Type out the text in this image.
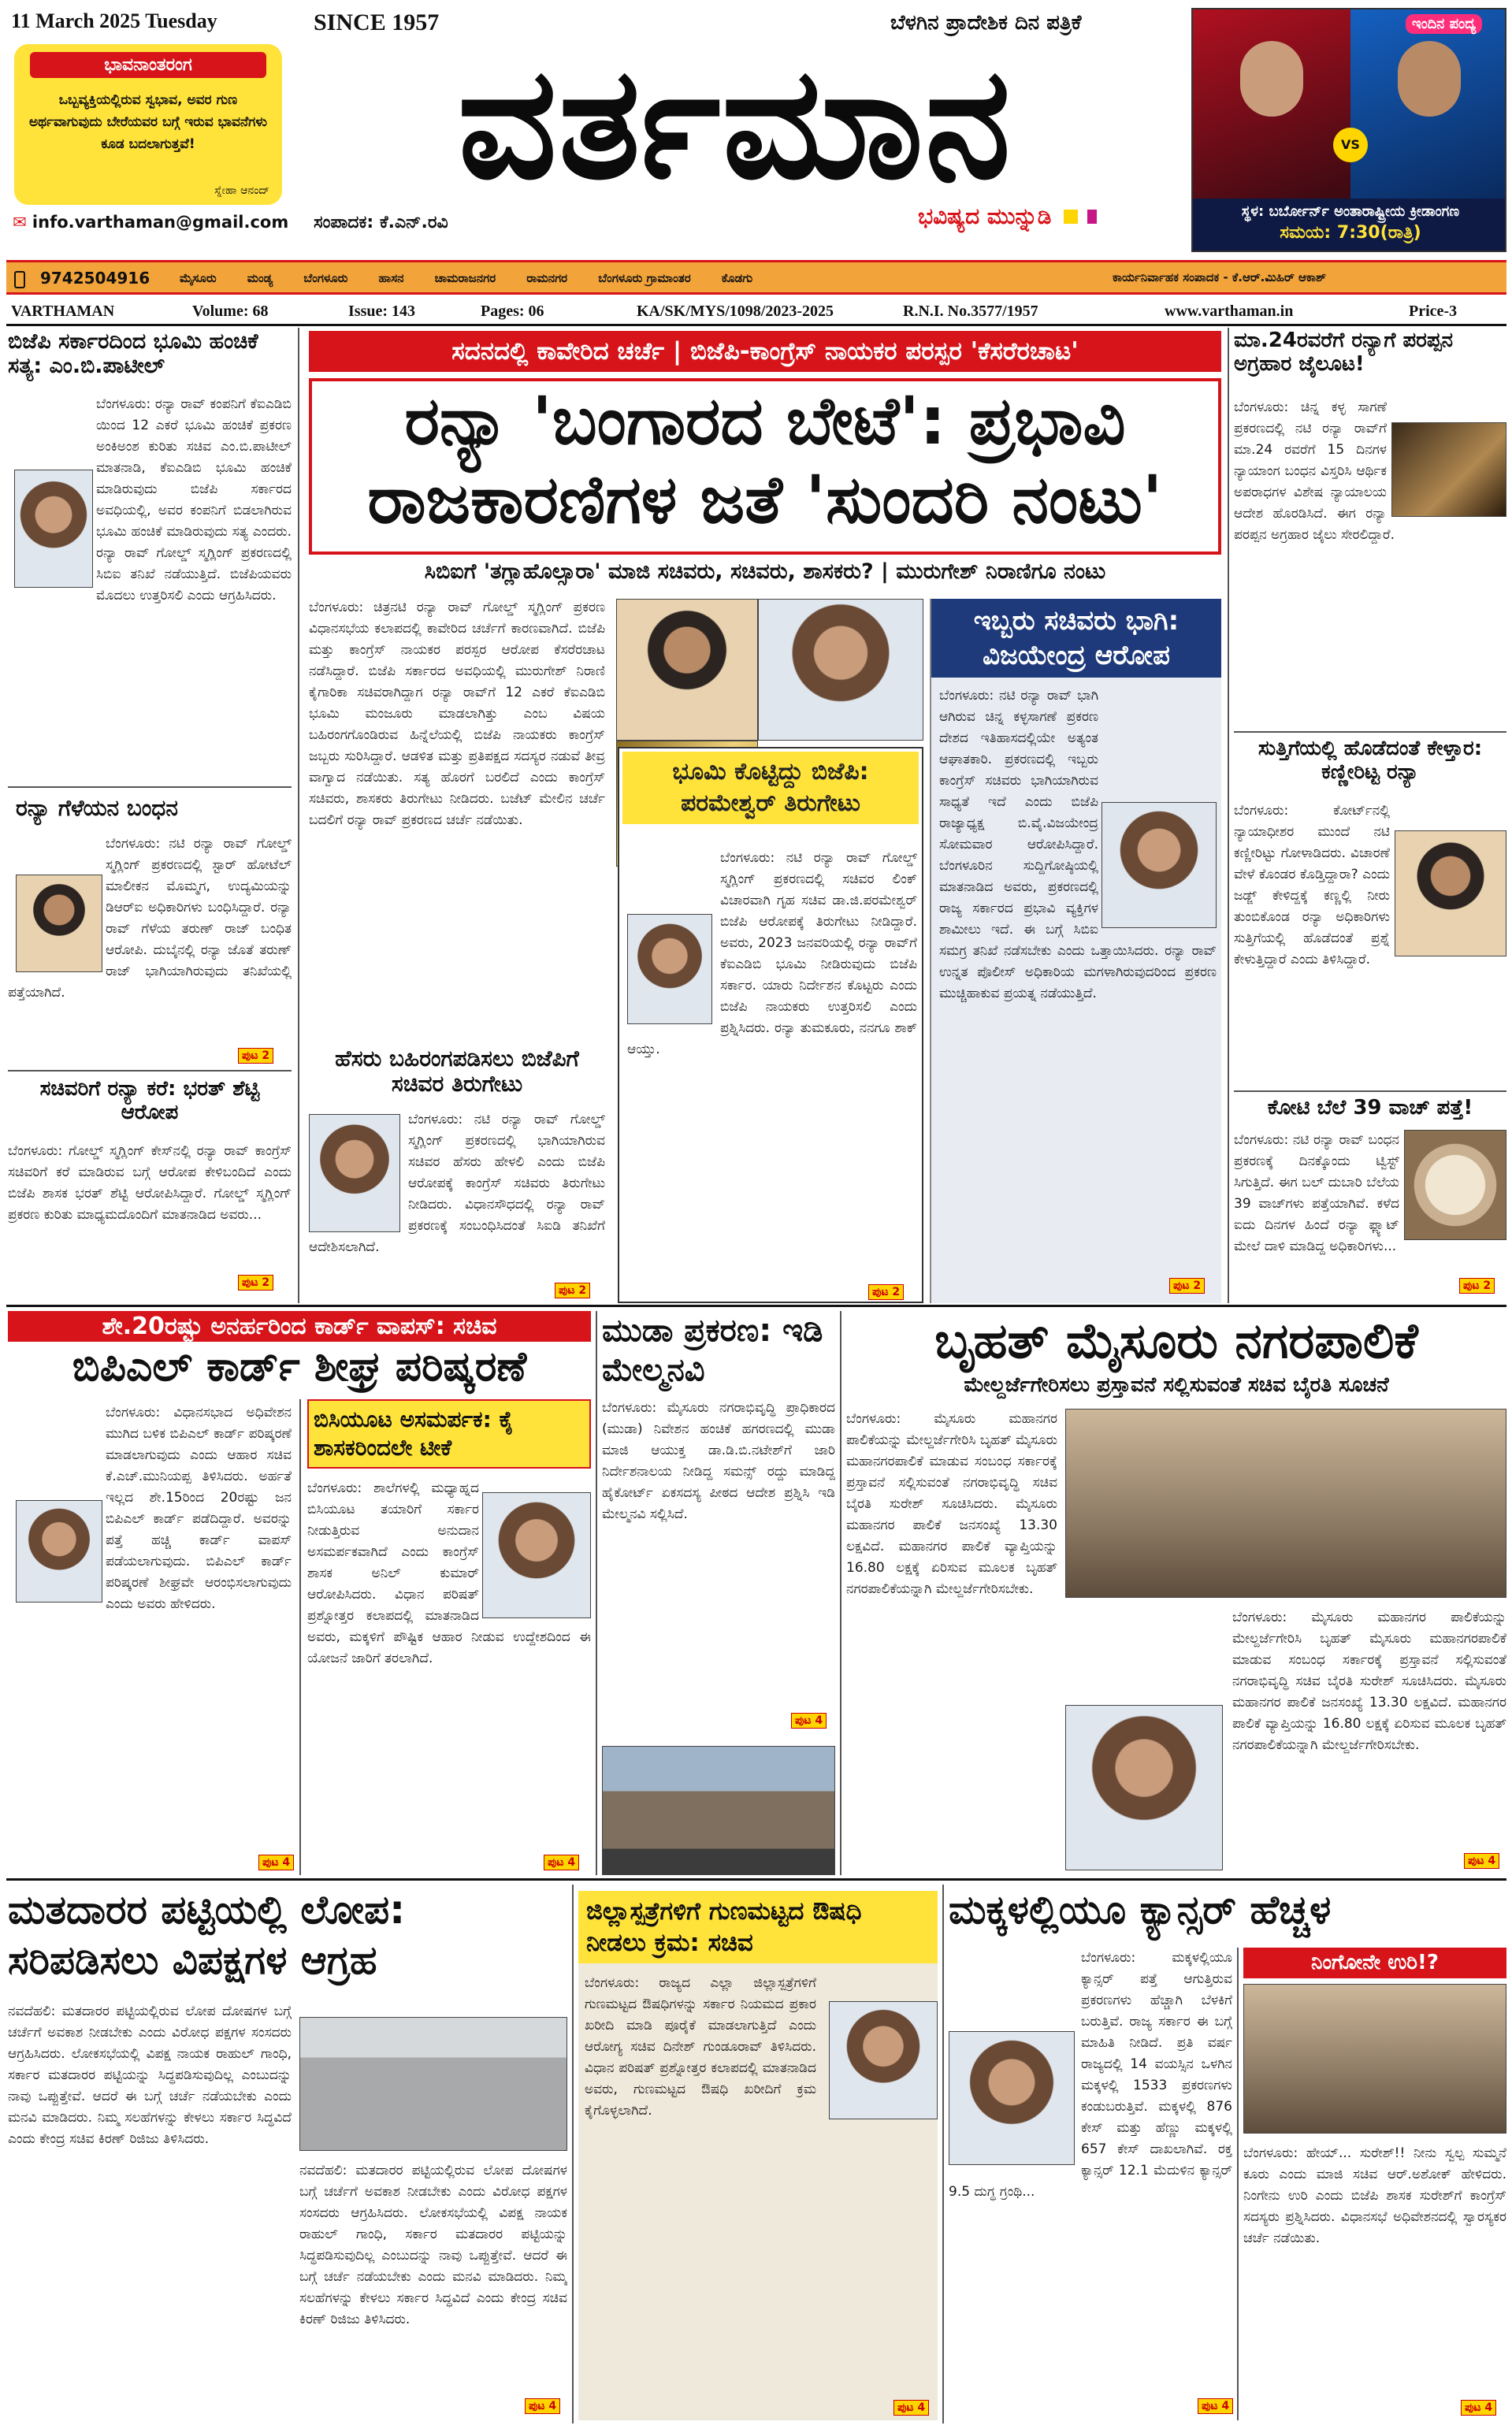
11 March 2025 Tuesday	SINCE 1957	ಬೆಳಗಿನ ಪ್ರಾದೇಶಿಕ ದಿನ ಪತ್ರಿಕೆ
ಭಾವನಾಂತರಂಗ
ಒಬ್ಬವ್ಯಕ್ತಿಯಲ್ಲಿರುವ ಸ್ವಭಾವ, ಅವರ ಗುಣ ಅರ್ಥವಾಗುವುದು ಬೇರೆಯವರ ಬಗ್ಗೆ ಇರುವ ಭಾವನೆಗಳು ಕೂಡ ಬದಲಾಗುತ್ತವೆ!
ಸ್ನೇಹಾ ಆನಂದ್
✉ info.varthaman@gmail.com
ವರ್ತಮಾನ
ಭವಿಷ್ಯದ ಮುನ್ನುಡಿ
ಸಂಪಾದಕ: ಕೆ.ಎನ್.ರವಿ
ಇಂದಿನ ಪಂದ್ಯ
VS
ಸ್ಥಳ: ಬರ್ಬೋರ್ನ್ ಅಂತಾರಾಷ್ಟ್ರೀಯ ಕ್ರೀಡಾಂಗಣ
ಸಮಯ: 7:30(ರಾತ್ರಿ)
9742504916	ಮೈಸೂರು	ಮಂಡ್ಯ	ಬೆಂಗಳೂರು	ಹಾಸನ	ಚಾಮರಾಜನಗರ	ರಾಮನಗರ	ಬೆಂಗಳೂರು ಗ್ರಾಮಾಂತರ	ಕೊಡಗು	ಕಾರ್ಯನಿರ್ವಾಹಕ ಸಂಪಾದಕ - ಕೆ.ಆರ್.ಮಿಹಿರ್ ಆಕಾಶ್
VARTHAMAN	Volume: 68	Issue: 143	Pages: 06	KA/SK/MYS/1098/2023-2025	R.N.I. No.3577/1957	www.varthaman.in	Price-3
ಬಿಜೆಪಿ ಸರ್ಕಾರದಿಂದ ಭೂಮಿ ಹಂಚಿಕೆ ಸತ್ಯ: ಎಂ.ಬಿ.ಪಾಟೀಲ್
ಬೆಂಗಳೂರು: ರನ್ಯಾ ರಾವ್ ಕಂಪನಿಗೆ ಕೆಐಎಡಿಬಿ ಯಿಂದ 12 ಎಕರೆ ಭೂಮಿ ಹಂಚಿಕೆ ಪ್ರಕರಣ ಅಂಕಿಅಂಶ ಕುರಿತು ಸಚಿವ ಎಂ.ಬಿ.ಪಾಟೀಲ್ ಮಾತನಾಡಿ, ಕೆಐಎಡಿಬಿ ಭೂಮಿ ಹಂಚಿಕೆ ಮಾಡಿರುವುದು ಬಿಜೆಪಿ ಸರ್ಕಾರದ ಅವಧಿಯಲ್ಲಿ, ಅವರ ಕಂಪನಿಗೆ ಬಿಡಲಾಗಿರುವ ಭೂಮಿ ಹಂಚಿಕೆ ಮಾಡಿರುವುದು ಸತ್ಯ ಎಂದರು. ರನ್ಯಾ ರಾವ್ ಗೋಲ್ಡ್ ಸ್ಮಗ್ಲಿಂಗ್ ಪ್ರಕರಣದಲ್ಲಿ ಸಿಬಿಐ ತನಿಖೆ ನಡೆಯುತ್ತಿದೆ. ಬಿಜೆಪಿಯವರು ಮೊದಲು ಉತ್ತರಿಸಲಿ ಎಂದು ಆಗ್ರಹಿಸಿದರು.
ರನ್ಯಾ ಗೆಳೆಯನ ಬಂಧನ
ಬೆಂಗಳೂರು: ನಟಿ ರನ್ಯಾ ರಾವ್ ಗೋಲ್ಡ್ ಸ್ಮಗ್ಲಿಂಗ್ ಪ್ರಕರಣದಲ್ಲಿ ಸ್ಟಾರ್ ಹೋಟೆಲ್ ಮಾಲೀಕನ ಮೊಮ್ಮಗ, ಉದ್ಯಮಿಯನ್ನು ಡಿಆರ್‌ಐ ಅಧಿಕಾರಿಗಳು ಬಂಧಿಸಿದ್ದಾರೆ. ರನ್ಯಾ ರಾವ್ ಗೆಳೆಯ ತರುಣ್ ರಾಜ್ ಬಂಧಿತ ಆರೋಪಿ. ದುಬೈನಲ್ಲಿ ರನ್ಯಾ ಜೊತೆ ತರುಣ್ ರಾಜ್ ಭಾಗಿಯಾಗಿರುವುದು ತನಿಖೆಯಲ್ಲಿ ಪತ್ತೆಯಾಗಿದೆ.
ಪುಟ 2
ಸಚಿವರಿಗೆ ರನ್ಯಾ ಕರೆ: ಭರತ್ ಶೆಟ್ಟಿ ಆರೋಪ
ಬೆಂಗಳೂರು: ಗೋಲ್ಡ್ ಸ್ಮಗ್ಲಿಂಗ್ ಕೇಸ್‌ನಲ್ಲಿ ರನ್ಯಾ ರಾವ್ ಕಾಂಗ್ರೆಸ್ ಸಚಿವರಿಗೆ ಕರೆ ಮಾಡಿರುವ ಬಗ್ಗೆ ಆರೋಪ ಕೇಳಿಬಂದಿದೆ ಎಂದು ಬಿಜೆಪಿ ಶಾಸಕ ಭರತ್ ಶೆಟ್ಟಿ ಆರೋಪಿಸಿದ್ದಾರೆ. ಗೋಲ್ಡ್ ಸ್ಮಗ್ಲಿಂಗ್ ಪ್ರಕರಣ ಕುರಿತು ಮಾಧ್ಯಮದೊಂದಿಗೆ ಮಾತನಾಡಿದ ಅವರು...
ಪುಟ 2
ಸದನದಲ್ಲಿ ಕಾವೇರಿದ ಚರ್ಚೆ | ಬಿಜೆಪಿ-ಕಾಂಗ್ರೆಸ್ ನಾಯಕರ ಪರಸ್ಪರ 'ಕೆಸರೆರಚಾಟ'
ರನ್ಯಾ 'ಬಂಗಾರದ ಬೇಟೆ': ಪ್ರಭಾವಿ
ರಾಜಕಾರಣಿಗಳ ಜತೆ 'ಸುಂದರಿ ನಂಟು'
ಸಿಬಿಐಗೆ 'ತಗ್ಲಾಹೊಲ್ಸಾರಾ' ಮಾಜಿ ಸಚಿವರು, ಸಚಿವರು, ಶಾಸಕರು? | ಮುರುಗೇಶ್ ನಿರಾಣಿಗೂ ನಂಟು
ಬೆಂಗಳೂರು: ಚಿತ್ರನಟಿ ರನ್ಯಾ ರಾವ್ ಗೋಲ್ಡ್ ಸ್ಮಗ್ಲಿಂಗ್ ಪ್ರಕರಣ ವಿಧಾನಸಭೆಯ ಕಲಾಪದಲ್ಲಿ ಕಾವೇರಿದ ಚರ್ಚೆಗೆ ಕಾರಣವಾಗಿದೆ. ಬಿಜೆಪಿ ಮತ್ತು ಕಾಂಗ್ರೆಸ್ ನಾಯಕರ ಪರಸ್ಪರ ಆರೋಪ ಕೆಸರೆರಚಾಟ ನಡೆಸಿದ್ದಾರೆ. ಬಿಜೆಪಿ ಸರ್ಕಾರದ ಅವಧಿಯಲ್ಲಿ ಮುರುಗೇಶ್ ನಿರಾಣಿ ಕೈಗಾರಿಕಾ ಸಚಿವರಾಗಿದ್ದಾಗ ರನ್ಯಾ ರಾವ್‌ಗೆ 12 ಎಕರೆ ಕೆಐಎಡಿಬಿ ಭೂಮಿ ಮಂಜೂರು ಮಾಡಲಾಗಿತ್ತು ಎಂಬ ವಿಷಯ ಬಹಿರಂಗಗೊಂಡಿರುವ ಹಿನ್ನೆಲೆಯಲ್ಲಿ ಬಿಜೆಪಿ ನಾಯಕರು ಕಾಂಗ್ರೆಸ್ ಜಬ್ಬರು ಸುರಿಸಿದ್ದಾರೆ. ಆಡಳಿತ ಮತ್ತು ಪ್ರತಿಪಕ್ಷದ ಸದಸ್ಯರ ನಡುವೆ ತೀವ್ರ ವಾಗ್ವಾದ ನಡೆಯಿತು. ಸತ್ಯ ಹೊರಗೆ ಬರಲಿದೆ ಎಂದು ಕಾಂಗ್ರೆಸ್ ಸಚಿವರು, ಶಾಸಕರು ತಿರುಗೇಟು ನೀಡಿದರು. ಬಜೆಟ್ ಮೇಲಿನ ಚರ್ಚೆ ಬದಲಿಗೆ ರನ್ಯಾ ರಾವ್ ಪ್ರಕರಣದ ಚರ್ಚೆ ನಡೆಯಿತು.
ಹೆಸರು ಬಹಿರಂಗಪಡಿಸಲು ಬಿಜೆಪಿಗೆ ಸಚಿವರ ತಿರುಗೇಟು
ಬೆಂಗಳೂರು: ನಟಿ ರನ್ಯಾ ರಾವ್ ಗೋಲ್ಡ್ ಸ್ಮಗ್ಲಿಂಗ್ ಪ್ರಕರಣದಲ್ಲಿ ಭಾಗಿಯಾಗಿರುವ ಸಚಿವರ ಹೆಸರು ಹೇಳಲಿ ಎಂದು ಬಿಜೆಪಿ ಆರೋಪಕ್ಕೆ ಕಾಂಗ್ರೆಸ್ ಸಚಿವರು ತಿರುಗೇಟು ನೀಡಿದರು. ವಿಧಾನಸೌಧದಲ್ಲಿ ರನ್ಯಾ ರಾವ್ ಪ್ರಕರಣಕ್ಕೆ ಸಂಬಂಧಿಸಿದಂತೆ ಸಿಐಡಿ ತನಿಖೆಗೆ ಆದೇಶಿಸಲಾಗಿದೆ.
ಪುಟ 2
ಭೂಮಿ ಕೊಟ್ಟಿದ್ದು ಬಿಜೆಪಿ: ಪರಮೇಶ್ವರ್ ತಿರುಗೇಟು
ಬೆಂಗಳೂರು: ನಟಿ ರನ್ಯಾ ರಾವ್ ಗೋಲ್ಡ್ ಸ್ಮಗ್ಲಿಂಗ್ ಪ್ರಕರಣದಲ್ಲಿ ಸಚಿವರ ಲಿಂಕ್ ವಿಚಾರವಾಗಿ ಗೃಹ ಸಚಿವ ಡಾ.ಜಿ.ಪರಮೇಶ್ವರ್ ಬಿಜೆಪಿ ಆರೋಪಕ್ಕೆ ತಿರುಗೇಟು ನೀಡಿದ್ದಾರೆ. ಅವರು, 2023 ಜನವರಿಯಲ್ಲಿ ರನ್ಯಾ ರಾವ್‌ಗೆ ಕೆಐಎಡಿಬಿ ಭೂಮಿ ನೀಡಿರುವುದು ಬಿಜೆಪಿ ಸರ್ಕಾರ. ಯಾರು ನಿರ್ದೇಶನ ಕೊಟ್ಟರು ಎಂದು ಬಿಜೆಪಿ ನಾಯಕರು ಉತ್ತರಿಸಲಿ ಎಂದು ಪ್ರಶ್ನಿಸಿದರು. ರನ್ಯಾ ತುಮಕೂರು, ನನಗೂ ಶಾಕ್ ಆಯ್ತು.
ಪುಟ 2
ಇಬ್ಬರು ಸಚಿವರು ಭಾಗಿ: ವಿಜಯೇಂದ್ರ ಆರೋಪ
ಬೆಂಗಳೂರು: ನಟಿ ರನ್ಯಾ ರಾವ್ ಭಾಗಿ ಆಗಿರುವ ಚಿನ್ನ ಕಳ್ಳಸಾಗಣೆ ಪ್ರಕರಣ ದೇಶದ ಇತಿಹಾಸದಲ್ಲಿಯೇ ಅತ್ಯಂತ ಆಘಾತಕಾರಿ. ಪ್ರಕರಣದಲ್ಲಿ ಇಬ್ಬರು ಕಾಂಗ್ರೆಸ್ ಸಚಿವರು ಭಾಗಿಯಾಗಿರುವ ಸಾಧ್ಯತೆ ಇದೆ ಎಂದು ಬಿಜೆಪಿ ರಾಜ್ಯಾಧ್ಯಕ್ಷ ಬಿ.ವೈ.ವಿಜಯೇಂದ್ರ ಸೋಮವಾರ ಆರೋಪಿಸಿದ್ದಾರೆ. ಬೆಂಗಳೂರಿನ ಸುದ್ದಿಗೋಷ್ಠಿಯಲ್ಲಿ ಮಾತನಾಡಿದ ಅವರು, ಪ್ರಕರಣದಲ್ಲಿ ರಾಜ್ಯ ಸರ್ಕಾರದ ಪ್ರಭಾವಿ ವ್ಯಕ್ತಿಗಳ ಶಾಮೀಲು ಇದೆ. ಈ ಬಗ್ಗೆ ಸಿಬಿಐ ಸಮಗ್ರ ತನಿಖೆ ನಡೆಸಬೇಕು ಎಂದು ಒತ್ತಾಯಿಸಿದರು. ರನ್ಯಾ ರಾವ್ ಉನ್ನತ ಪೊಲೀಸ್ ಅಧಿಕಾರಿಯ ಮಗಳಾಗಿರುವುದರಿಂದ ಪ್ರಕರಣ ಮುಚ್ಚಿಹಾಕುವ ಪ್ರಯತ್ನ ನಡೆಯುತ್ತಿದೆ.
ಪುಟ 2
ಮಾ.24ರವರೆಗೆ ರನ್ಯಾಗೆ ಪರಪ್ಪನ ಅಗ್ರಹಾರ ಜೈಲೂಟ!
ಬೆಂಗಳೂರು: ಚಿನ್ನ ಕಳ್ಳ ಸಾಗಣೆ ಪ್ರಕರಣದಲ್ಲಿ ನಟಿ ರನ್ಯಾ ರಾವ್‌ಗೆ ಮಾ.24 ರವರೆಗೆ 15 ದಿನಗಳ ನ್ಯಾಯಾಂಗ ಬಂಧನ ವಿಸ್ತರಿಸಿ ಆರ್ಥಿಕ ಅಪರಾಧಗಳ ವಿಶೇಷ ನ್ಯಾಯಾಲಯ ಆದೇಶ ಹೊರಡಿಸಿದೆ. ಈಗ ರನ್ಯಾ ಪರಪ್ಪನ ಅಗ್ರಹಾರ ಜೈಲು ಸೇರಲಿದ್ದಾರೆ.
ಸುತ್ತಿಗೆಯಲ್ಲಿ ಹೊಡೆದಂತೆ ಕೇಳ್ತಾರ: ಕಣ್ಣೀರಿಟ್ಟ ರನ್ಯಾ
ಬೆಂಗಳೂರು: ಕೋರ್ಟ್‌ನಲ್ಲಿ ನ್ಯಾಯಾಧೀಶರ ಮುಂದೆ ನಟಿ ಕಣ್ಣೀರಿಟ್ಟು ಗೋಳಾಡಿದರು. ವಿಚಾರಣೆ ವೇಳೆ ಕೊಂಡರ ಕೊಡ್ತಿದ್ದಾರಾ? ಎಂದು ಜಡ್ಜ್ ಕೇಳಿದ್ದಕ್ಕೆ ಕಣ್ಣಲ್ಲಿ ನೀರು ತುಂಬಿಕೊಂಡ ರನ್ಯಾ ಅಧಿಕಾರಿಗಳು ಸುತ್ತಿಗೆಯಲ್ಲಿ ಹೊಡೆದಂತೆ ಪ್ರಶ್ನೆ ಕೇಳುತ್ತಿದ್ದಾರೆ ಎಂದು ತಿಳಿಸಿದ್ದಾರೆ.
ಕೋಟಿ ಬೆಲೆ 39 ವಾಚ್ ಪತ್ತೆ!
ಬೆಂಗಳೂರು: ನಟಿ ರನ್ಯಾ ರಾವ್ ಬಂಧನ ಪ್ರಕರಣಕ್ಕೆ ದಿನಕ್ಕೊಂದು ಟ್ವಿಸ್ಟ್ ಸಿಗುತ್ತಿದೆ. ಈಗ ಬಲ್ ದುಬಾರಿ ಬೆಲೆಯ 39 ವಾಚ್‌ಗಳು ಪತ್ತೆಯಾಗಿವೆ. ಕಳೆದ ಐದು ದಿನಗಳ ಹಿಂದೆ ರನ್ಯಾ ಫ್ಲ್ಯಾಟ್ ಮೇಲೆ ದಾಳಿ ಮಾಡಿದ್ದ ಅಧಿಕಾರಿಗಳು...
ಪುಟ 2
ಶೇ.20ರಷ್ಟು ಅನರ್ಹರಿಂದ ಕಾರ್ಡ್ ವಾಪಸ್: ಸಚಿವ
ಬಿಪಿಎಲ್ ಕಾರ್ಡ್ ಶೀಘ್ರ ಪರಿಷ್ಕರಣೆ
ಬೆಂಗಳೂರು: ವಿಧಾನಸಭಾದ ಅಧಿವೇಶನ ಮುಗಿದ ಬಳಿಕ ಬಿಪಿಎಲ್ ಕಾರ್ಡ್ ಪರಿಷ್ಕರಣೆ ಮಾಡಲಾಗುವುದು ಎಂದು ಆಹಾರ ಸಚಿವ ಕೆ.ಎಚ್.ಮುನಿಯಪ್ಪ ತಿಳಿಸಿದರು. ಅರ್ಹತೆ ಇಲ್ಲದ ಶೇ.15ರಿಂದ 20ರಷ್ಟು ಜನ ಬಿಪಿಎಲ್ ಕಾರ್ಡ್ ಪಡೆದಿದ್ದಾರೆ. ಅವರನ್ನು ಪತ್ತೆ ಹಚ್ಚಿ ಕಾರ್ಡ್ ವಾಪಸ್ ಪಡೆಯಲಾಗುವುದು. ಬಿಪಿಎಲ್ ಕಾರ್ಡ್ ಪರಿಷ್ಕರಣೆ ಶೀಘ್ರವೇ ಆರಂಭಿಸಲಾಗುವುದು ಎಂದು ಅವರು ಹೇಳಿದರು.
ಪುಟ 4
ಬಿಸಿಯೂಟ ಅಸಮರ್ಪಕ: ಕೈ ಶಾಸಕರಿಂದಲೇ ಟೀಕೆ
ಬೆಂಗಳೂರು: ಶಾಲೆಗಳಲ್ಲಿ ಮಧ್ಯಾಹ್ನದ ಬಿಸಿಯೂಟ ತಯಾರಿಗೆ ಸರ್ಕಾರ ನೀಡುತ್ತಿರುವ ಅನುದಾನ ಅಸಮರ್ಪಕವಾಗಿದೆ ಎಂದು ಕಾಂಗ್ರೆಸ್ ಶಾಸಕ ಅನಿಲ್ ಕುಮಾರ್ ಆರೋಪಿಸಿದರು. ವಿಧಾನ ಪರಿಷತ್ ಪ್ರಶ್ನೋತ್ತರ ಕಲಾಪದಲ್ಲಿ ಮಾತನಾಡಿದ ಅವರು, ಮಕ್ಕಳಿಗೆ ಪೌಷ್ಟಿಕ ಆಹಾರ ನೀಡುವ ಉದ್ದೇಶದಿಂದ ಈ ಯೋಜನೆ ಜಾರಿಗೆ ತರಲಾಗಿದೆ.
ಪುಟ 4
ಮುಡಾ ಪ್ರಕರಣ: ಇಡಿ ಮೇಲ್ಮನವಿ
ಬೆಂಗಳೂರು: ಮೈಸೂರು ನಗರಾಭಿವೃದ್ಧಿ ಪ್ರಾಧಿಕಾರದ (ಮುಡಾ) ನಿವೇಶನ ಹಂಚಿಕೆ ಹಗರಣದಲ್ಲಿ ಮುಡಾ ಮಾಜಿ ಆಯುಕ್ತ ಡಾ.ಡಿ.ಬಿ.ನಟೇಶ್‌ಗೆ ಜಾರಿ ನಿರ್ದೇಶನಾಲಯ ನೀಡಿದ್ದ ಸಮನ್ಸ್ ರದ್ದು ಮಾಡಿದ್ದ ಹೈಕೋರ್ಟ್ ಏಕಸದಸ್ಯ ಪೀಠದ ಆದೇಶ ಪ್ರಶ್ನಿಸಿ ಇಡಿ ಮೇಲ್ಮನವಿ ಸಲ್ಲಿಸಿದೆ.
ಪುಟ 4
ಬೃಹತ್ ಮೈಸೂರು ನಗರಪಾಲಿಕೆ
ಮೇಲ್ದರ್ಜೆಗೇರಿಸಲು ಪ್ರಸ್ತಾವನೆ ಸಲ್ಲಿಸುವಂತೆ ಸಚಿವ ಬೈರತಿ ಸೂಚನೆ
ಬೆಂಗಳೂರು: ಮೈಸೂರು ಮಹಾನಗರ ಪಾಲಿಕೆಯನ್ನು ಮೇಲ್ದರ್ಜೆಗೇರಿಸಿ ಬೃಹತ್ ಮೈಸೂರು ಮಹಾನಗರಪಾಲಿಕೆ ಮಾಡುವ ಸಂಬಂಧ ಸರ್ಕಾರಕ್ಕೆ ಪ್ರಸ್ತಾವನೆ ಸಲ್ಲಿಸುವಂತೆ ನಗರಾಭಿವೃದ್ಧಿ ಸಚಿವ ಬೈರತಿ ಸುರೇಶ್ ಸೂಚಿಸಿದರು. ಮೈಸೂರು ಮಹಾನಗರ ಪಾಲಿಕೆ ಜನಸಂಖ್ಯೆ 13.30 ಲಕ್ಷವಿದೆ. ಮಹಾನಗರ ಪಾಲಿಕೆ ವ್ಯಾಪ್ತಿಯನ್ನು 16.80 ಲಕ್ಷಕ್ಕೆ ಏರಿಸುವ ಮೂಲಕ ಬೃಹತ್ ನಗರಪಾಲಿಕೆಯನ್ನಾಗಿ ಮೇಲ್ದರ್ಜೆಗೇರಿಸಬೇಕು.
ಬೆಂಗಳೂರು: ಮೈಸೂರು ಮಹಾನಗರ ಪಾಲಿಕೆಯನ್ನು ಮೇಲ್ದರ್ಜೆಗೇರಿಸಿ ಬೃಹತ್ ಮೈಸೂರು ಮಹಾನಗರಪಾಲಿಕೆ ಮಾಡುವ ಸಂಬಂಧ ಸರ್ಕಾರಕ್ಕೆ ಪ್ರಸ್ತಾವನೆ ಸಲ್ಲಿಸುವಂತೆ ನಗರಾಭಿವೃದ್ಧಿ ಸಚಿವ ಬೈರತಿ ಸುರೇಶ್ ಸೂಚಿಸಿದರು. ಮೈಸೂರು ಮಹಾನಗರ ಪಾಲಿಕೆ ಜನಸಂಖ್ಯೆ 13.30 ಲಕ್ಷವಿದೆ. ಮಹಾನಗರ ಪಾಲಿಕೆ ವ್ಯಾಪ್ತಿಯನ್ನು 16.80 ಲಕ್ಷಕ್ಕೆ ಏರಿಸುವ ಮೂಲಕ ಬೃಹತ್ ನಗರಪಾಲಿಕೆಯನ್ನಾಗಿ ಮೇಲ್ದರ್ಜೆಗೇರಿಸಬೇಕು.
ಪುಟ 4
ಮತದಾರರ ಪಟ್ಟಿಯಲ್ಲಿ ಲೋಪ:
ಸರಿಪಡಿಸಲು ವಿಪಕ್ಷಗಳ ಆಗ್ರಹ
ನವದೆಹಲಿ: ಮತದಾರರ ಪಟ್ಟಿಯಲ್ಲಿರುವ ಲೋಪ ದೋಷಗಳ ಬಗ್ಗೆ ಚರ್ಚೆಗೆ ಅವಕಾಶ ನೀಡಬೇಕು ಎಂದು ವಿರೋಧ ಪಕ್ಷಗಳ ಸಂಸದರು ಆಗ್ರಹಿಸಿದರು. ಲೋಕಸಭೆಯಲ್ಲಿ ವಿಪಕ್ಷ ನಾಯಕ ರಾಹುಲ್ ಗಾಂಧಿ, ಸರ್ಕಾರ ಮತದಾರರ ಪಟ್ಟಿಯನ್ನು ಸಿದ್ಧಪಡಿಸುವುದಿಲ್ಲ ಎಂಬುದನ್ನು ನಾವು ಒಪ್ಪುತ್ತೇವೆ. ಆದರೆ ಈ ಬಗ್ಗೆ ಚರ್ಚೆ ನಡೆಯಬೇಕು ಎಂದು ಮನವಿ ಮಾಡಿದರು. ನಿಮ್ಮ ಸಲಹೆಗಳನ್ನು ಕೇಳಲು ಸರ್ಕಾರ ಸಿದ್ಧವಿದೆ ಎಂದು ಕೇಂದ್ರ ಸಚಿವ ಕಿರಣ್ ರಿಜಿಜು ತಿಳಿಸಿದರು.
ನವದೆಹಲಿ: ಮತದಾರರ ಪಟ್ಟಿಯಲ್ಲಿರುವ ಲೋಪ ದೋಷಗಳ ಬಗ್ಗೆ ಚರ್ಚೆಗೆ ಅವಕಾಶ ನೀಡಬೇಕು ಎಂದು ವಿರೋಧ ಪಕ್ಷಗಳ ಸಂಸದರು ಆಗ್ರಹಿಸಿದರು. ಲೋಕಸಭೆಯಲ್ಲಿ ವಿಪಕ್ಷ ನಾಯಕ ರಾಹುಲ್ ಗಾಂಧಿ, ಸರ್ಕಾರ ಮತದಾರರ ಪಟ್ಟಿಯನ್ನು ಸಿದ್ಧಪಡಿಸುವುದಿಲ್ಲ ಎಂಬುದನ್ನು ನಾವು ಒಪ್ಪುತ್ತೇವೆ. ಆದರೆ ಈ ಬಗ್ಗೆ ಚರ್ಚೆ ನಡೆಯಬೇಕು ಎಂದು ಮನವಿ ಮಾಡಿದರು. ನಿಮ್ಮ ಸಲಹೆಗಳನ್ನು ಕೇಳಲು ಸರ್ಕಾರ ಸಿದ್ಧವಿದೆ ಎಂದು ಕೇಂದ್ರ ಸಚಿವ ಕಿರಣ್ ರಿಜಿಜು ತಿಳಿಸಿದರು.
ಪುಟ 4
ಜಿಲ್ಲಾಸ್ಪತ್ರೆಗಳಿಗೆ ಗುಣಮಟ್ಟದ ಔಷಧಿ ನೀಡಲು ಕ್ರಮ: ಸಚಿವ
ಬೆಂಗಳೂರು: ರಾಜ್ಯದ ಎಲ್ಲಾ ಜಿಲ್ಲಾಸ್ಪತ್ರೆಗಳಿಗೆ ಗುಣಮಟ್ಟದ ಔಷಧಿಗಳನ್ನು ಸರ್ಕಾರ ನಿಯಮದ ಪ್ರಕಾರ ಖರೀದಿ ಮಾಡಿ ಪೂರೈಕೆ ಮಾಡಲಾಗುತ್ತಿದೆ ಎಂದು ಆರೋಗ್ಯ ಸಚಿವ ದಿನೇಶ್ ಗುಂಡೂರಾವ್ ತಿಳಿಸಿದರು. ವಿಧಾನ ಪರಿಷತ್ ಪ್ರಶ್ನೋತ್ತರ ಕಲಾಪದಲ್ಲಿ ಮಾತನಾಡಿದ ಅವರು, ಗುಣಮಟ್ಟದ ಔಷಧಿ ಖರೀದಿಗೆ ಕ್ರಮ ಕೈಗೊಳ್ಳಲಾಗಿದೆ.
ಪುಟ 4
ಮಕ್ಕಳಲ್ಲಿಯೂ ಕ್ಯಾನ್ಸರ್ ಹೆಚ್ಚಳ
ಬೆಂಗಳೂರು: ಮಕ್ಕಳಲ್ಲಿಯೂ ಕ್ಯಾನ್ಸರ್ ಪತ್ತೆ ಆಗುತ್ತಿರುವ ಪ್ರಕರಣಗಳು ಹೆಚ್ಚಾಗಿ ಬೆಳಕಿಗೆ ಬರುತ್ತಿವೆ. ರಾಜ್ಯ ಸರ್ಕಾರ ಈ ಬಗ್ಗೆ ಮಾಹಿತಿ ನೀಡಿದೆ. ಪ್ರತಿ ವರ್ಷ ರಾಜ್ಯದಲ್ಲಿ 14 ವಯಸ್ಸಿನ ಒಳಗಿನ ಮಕ್ಕಳಲ್ಲಿ 1533 ಪ್ರಕರಣಗಳು ಕಂಡುಬರುತ್ತಿವೆ. ಮಕ್ಕಳಲ್ಲಿ 876 ಕೇಸ್ ಮತ್ತು ಹೆಣ್ಣು ಮಕ್ಕಳಲ್ಲಿ 657 ಕೇಸ್ ದಾಖಲಾಗಿವೆ. ರಕ್ತ ಕ್ಯಾನ್ಸರ್ 12.1 ಮೆದುಳಿನ ಕ್ಯಾನ್ಸರ್ 9.5 ದುಗ್ಧ ಗ್ರಂಥಿ...
ಪುಟ 4
ನಿಂಗೋನೇ ಉರಿ!?
ಬೆಂಗಳೂರು: ಹೇಯ್... ಸುರೇಶ್!! ನೀನು ಸ್ವಲ್ಪ ಸುಮ್ಮನೆ ಕೂರು ಎಂದು ಮಾಜಿ ಸಚಿವ ಆರ್.ಅಶೋಕ್ ಹೇಳಿದರು. ನಿಂಗೇನು ಉರಿ ಎಂದು ಬಿಜೆಪಿ ಶಾಸಕ ಸುರೇಶ್‌ಗೆ ಕಾಂಗ್ರೆಸ್ ಸದಸ್ಯರು ಪ್ರಶ್ನಿಸಿದರು. ವಿಧಾನಸಭೆ ಅಧಿವೇಶನದಲ್ಲಿ ಸ್ವಾರಸ್ಯಕರ ಚರ್ಚೆ ನಡೆಯಿತು.
ಪುಟ 4
